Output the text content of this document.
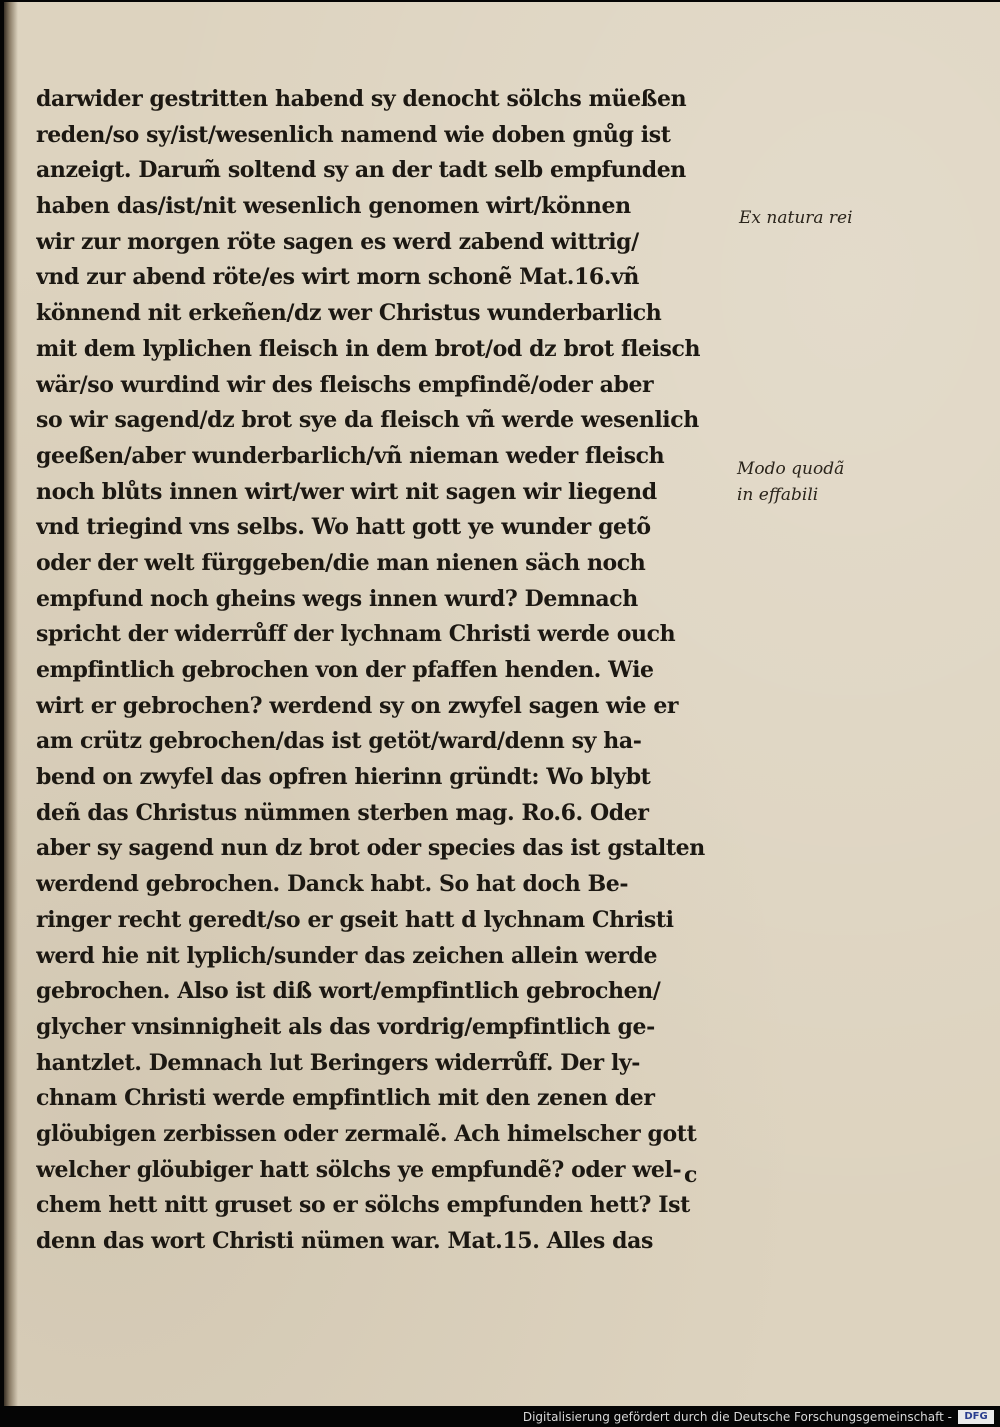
darwider gestritten habend sy denocht sölchs müeßen
reden/so sy/ist/wesenlich namend wie doben gnůg ist
anzeigt. Darum̃ soltend sy an der tadt selb empfunden
haben das/ist/nit wesenlich genomen wirt/können
wir zur morgen röte sagen es werd zabend wittrig/
vnd zur abend röte/es wirt morn schonẽ Mat.16.vñ
könnend nit erkeñen/dz wer Christus wunderbarlich
mit dem lyplichen fleisch in dem brot/od dz brot fleisch
wär/so wurdind wir des fleischs empfindẽ/oder aber
so wir sagend/dz brot sye da fleisch vñ werde wesenlich
geeßen/aber wunderbarlich/vñ nieman weder fleisch
noch blůts innen wirt/wer wirt nit sagen wir liegend
vnd triegind vns selbs. Wo hatt gott ye wunder getõ
oder der welt fürggeben/die man nienen säch noch
empfund noch gheins wegs innen wurd? Demnach
spricht der widerrůff der lychnam Christi werde ouch
empfintlich gebrochen von der pfaffen henden. Wie
wirt er gebrochen? werdend sy on zwyfel sagen wie er
am crütz gebrochen/das ist getöt/ward/denn sy ha-
bend on zwyfel das opfren hierinn gründt: Wo blybt
deñ das Christus nümmen sterben mag. Ro.6. Oder
aber sy sagend nun dz brot oder species das ist gstalten
werdend gebrochen. Danck habt. So hat doch Be-
ringer recht geredt/so er gseit hatt d lychnam Christi
werd hie nit lyplich/sunder das zeichen allein werde
gebrochen. Also ist diß wort/empfintlich gebrochen/
glycher vnsinnigheit als das vordrig/empfintlich ge-
hantzlet. Demnach lut Beringers widerrůff. Der ly-
chnam Christi werde empfintlich mit den zenen der
glöubigen zerbissen oder zermalẽ. Ach himelscher gott
welcher glöubiger hatt sölchs ye empfundẽ? oder wel-
chem hett nitt gruset so er sölchs empfunden hett? Ist
denn das wort Christi nümen war. Mat.15. Alles das
Ex natura rei
Modo quodã
in effabili
c
Digitalisierung gefördert durch die Deutsche Forschungsgemeinschaft -	DFG
